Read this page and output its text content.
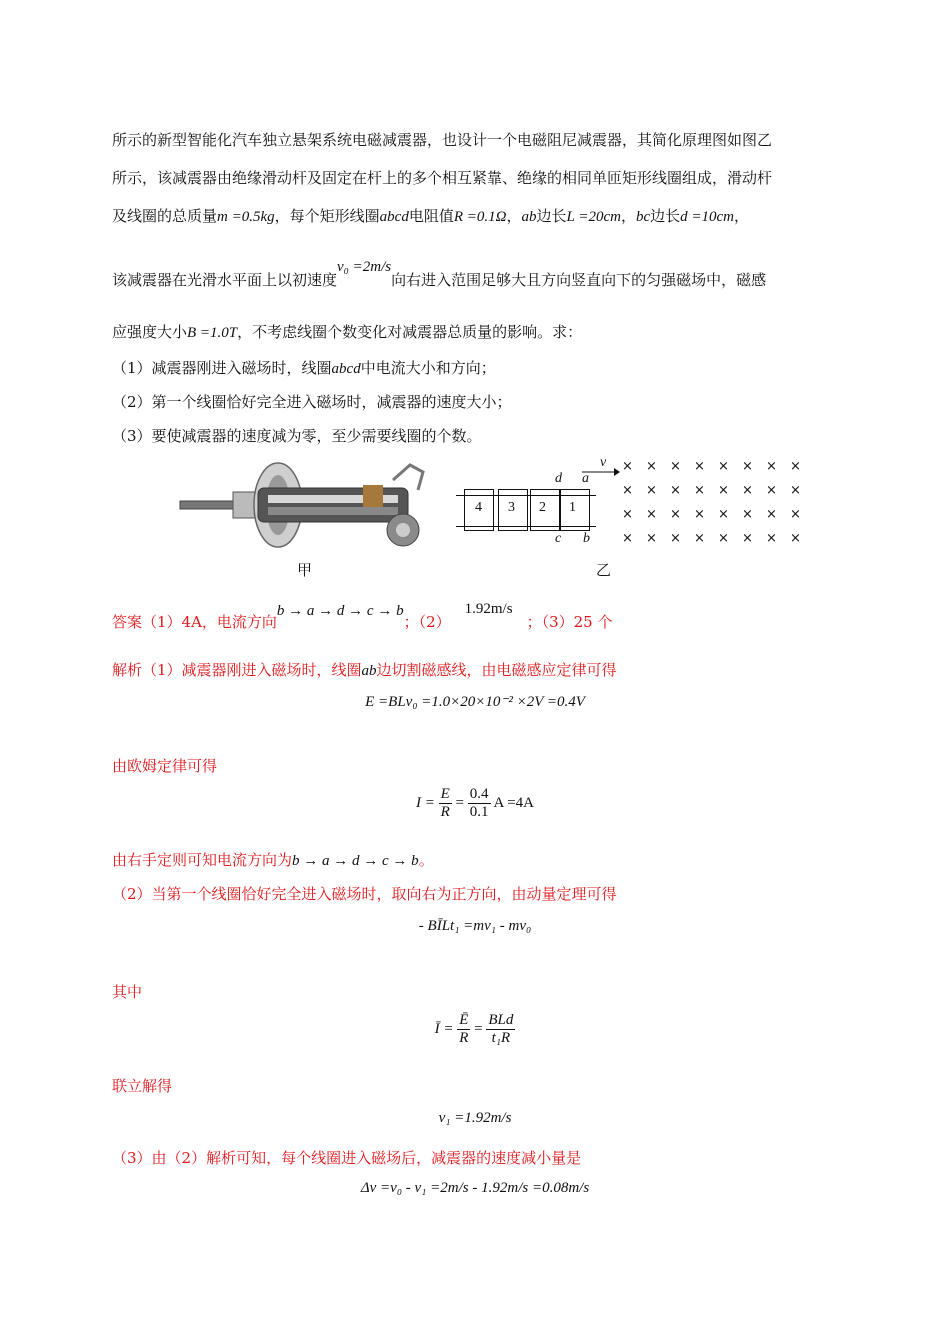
所示的新型智能化汽车独立悬架系统电磁减震器，也设计一个电磁阻尼减震器，其简化原理图如图乙
所示，该减震器由绝缘滑动杆及固定在杆上的多个相互紧靠、绝缘的相同单匝矩形线圈组成，滑动杆
及线圈的总质量m =0.5kg，每个矩形线圈abcd电阻值R =0.1Ω，ab边长L =20cm，bc边长d =10cm，
该减震器在光滑水平面上以初速度v₀ =2m/s向右进入范围足够大且方向竖直向下的匀强磁场中，磁感
应强度大小B =1.0T，不考虑线圈个数变化对减震器总质量的影响。求：
（1）减震器刚进入磁场时，线圈abcd中电流大小和方向；
（2）第一个线圈恰好完全进入磁场时，减震器的速度大小；
（3）要使减震器的速度减为零，至少需要线圈的个数。
甲
4 3 2 1
d a
c b
v × × × × × × × ×
× × × × × × × ×
× × × × × × × ×
× × × × × × × ×
乙
答案（1）4A，电流方向b → a → d → c → b；（2）1.92m/s；（3）25 个
解析（1）减震器刚进入磁场时，线圈ab边切割磁感线，由电磁感应定律可得
E =BLv₀ =1.0×20×10⁻² ×2V =0.4V
由欧姆定律可得
$I = \frac{E}{R} = \frac{0.4}{0.1}$ A =4A
由右手定则可知电流方向为b → a → d → c → b。
（2）当第一个线圈恰好完全进入磁场时，取向右为正方向，由动量定理可得
- BĪLt₁ =mv₁ - mv₀
其中
Ī = $\frac{Ē}{R} = \frac{\text{BLd}}{\text{t₁R}}$
联立解得
v₁ =1.92m/s
（3）由（2）解析可知，每个线圈进入磁场后，减震器的速度减小量是
Δv =v₀ - v₁ =2m/s - 1.92m/s =0.08m/s
